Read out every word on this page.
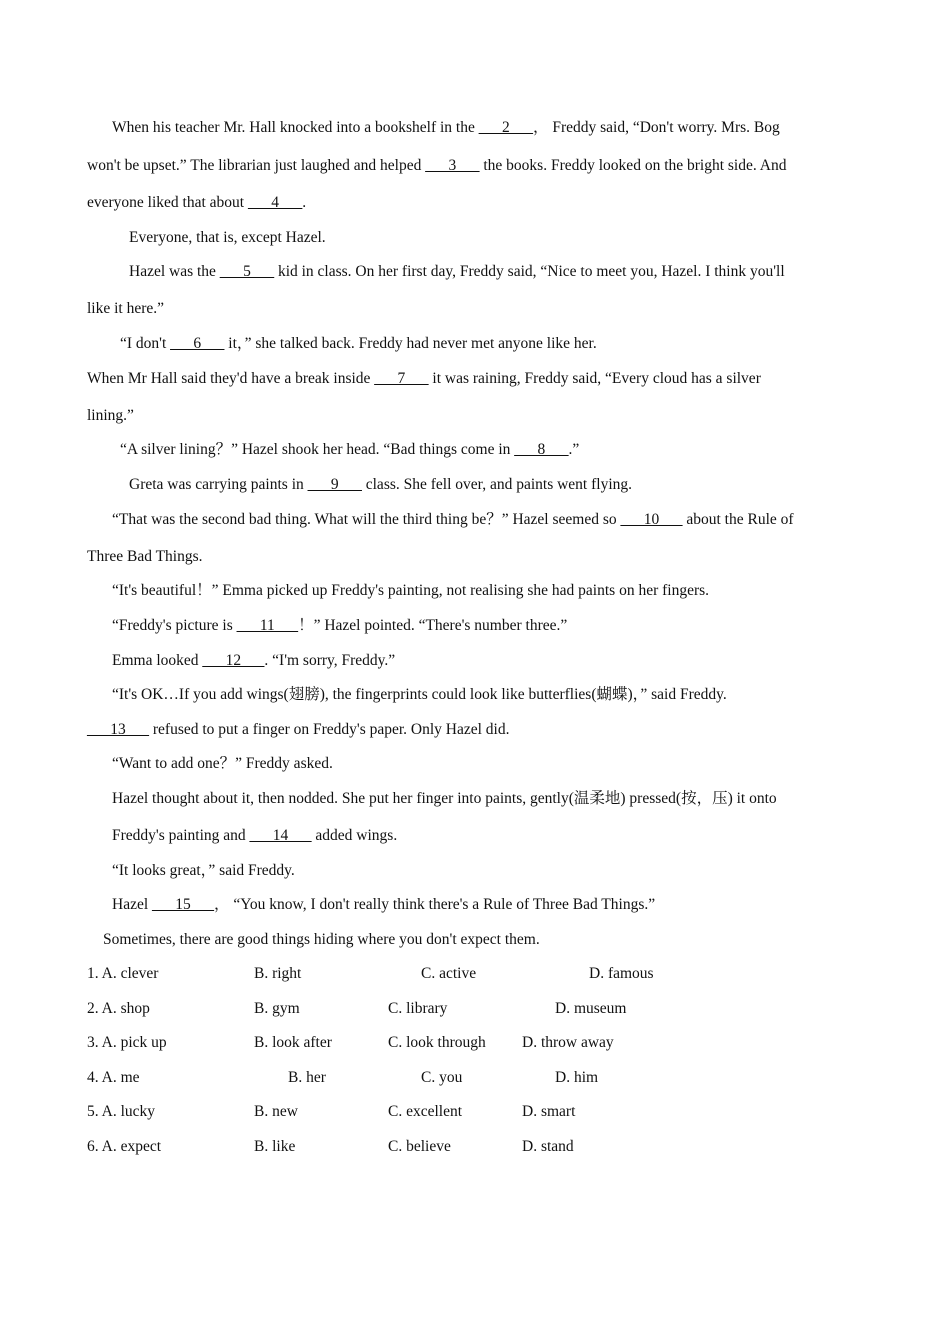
When his teacher Mr. Hall knocked into a bookshelf in the ___2___， Freddy said, “Don't worry. Mrs. Bog
won't be upset.” The librarian just laughed and helped ___3___ the books. Freddy looked on the bright side. And
everyone liked that about ___4___.
Everyone, that is, except Hazel.
Hazel was the ___5___ kid in class. On her first day, Freddy said, “Nice to meet you, Hazel. I think you'll
like it here.”
“I don't ___6___ it，” she talked back. Freddy had never met anyone like her.
When Mr Hall said they'd have a break inside ___7___ it was raining, Freddy said, “Every cloud has a silver
lining.”
“A silver lining？” Hazel shook her head. “Bad things come in ___8___.”
Greta was carrying paints in ___9___ class. She fell over, and paints went flying.
“That was the second bad thing. What will the third thing be？” Hazel seemed so ___10___ about the Rule of
Three Bad Things.
“It's beautiful！” Emma picked up Freddy's painting, not realising she had paints on her fingers.
“Freddy's picture is ___11___！” Hazel pointed. “There's number three.”
Emma looked ___12___. “I'm sorry, Freddy.”
“It's OK…If you add wings(翅膀), the fingerprints could look like butterflies(蝴蝶)，” said Freddy.
___13___ refused to put a finger on Freddy's paper. Only Hazel did.
“Want to add one？” Freddy asked.
Hazel thought about it, then nodded. She put her finger into paints, gently(温柔地) pressed(按，压) it onto
Freddy's painting and ___14___ added wings.
“It looks great，” said Freddy.
Hazel ___15___， “You know, I don't really think there's a Rule of Three Bad Things.”
Sometimes, there are good things hiding where you don't expect them.
1. A. clever	B. right	C. active	D. famous
2. A. shop	B. gym	C. library	D. museum
3. A. pick up	B. look after	C. look through D. throw away
4. A. me	B. her	C. you	D. him
5. A. lucky	B. new	C. excellent	D. smart
6. A. expect	B. like	C. believe	D. stand
